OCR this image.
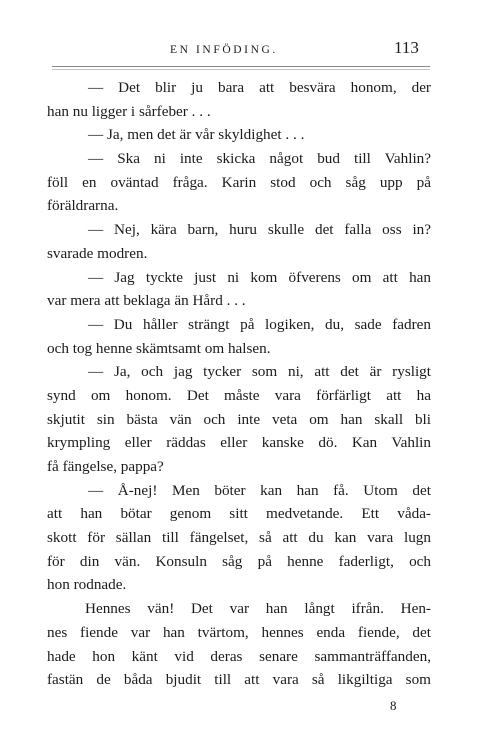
EN INFÖDING.	113
— Det blir ju bara att besvära honom, der
han nu ligger i sårfeber . . .
— Ja, men det är vår skyldighet . . .
— Ska ni inte skicka något bud till Vahlin?
föll en oväntad fråga. Karin stod och såg upp på
föräldrarna.
— Nej, kära barn, huru skulle det falla oss in?
svarade modren.
— Jag tyckte just ni kom öfverens om att han
var mera att beklaga än Hård . . .
— Du håller strängt på logiken, du, sade fadren
och tog henne skämtsamt om halsen.
— Ja, och jag tycker som ni, att det är rysligt
synd om honom. Det måste vara förfärligt att ha
skjutit sin bästa vän och inte veta om han skall bli
krympling eller räddas eller kanske dö. Kan Vahlin
få fängelse, pappa?
— Å-nej! Men böter kan han få. Utom det
att han bötar genom sitt medvetande. Ett våda-
skott för sällan till fängelset, så att du kan vara lugn
för din vän. Konsuln såg på henne faderligt, och
hon rodnade.
Hennes vän! Det var han långt ifrån. Hen-
nes fiende var han tvärtom, hennes enda fiende, det
hade hon känt vid deras senare sammanträffanden,
fastän de båda bjudit till att vara så likgiltiga som
8
